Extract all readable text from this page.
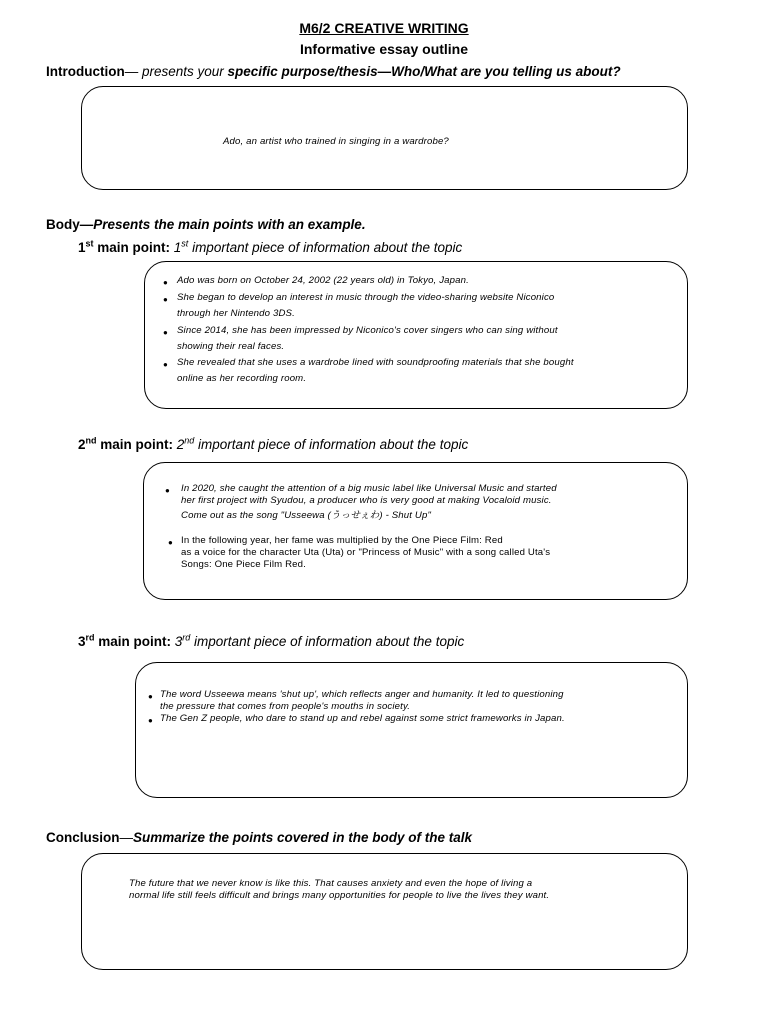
M6/2 CREATIVE WRITING
Informative essay outline
Introduction— presents your specific purpose/thesis—Who/What are you telling us about?
Ado, an artist who trained in singing in a wardrobe?
Body—Presents the main points with an example.
1st main point: 1st important piece of information about the topic
● Ado was born on October 24, 2002 (22 years old) in Tokyo, Japan.
● She began to develop an interest in music through the video-sharing website Niconico
through her Nintendo 3DS.
● Since 2014, she has been impressed by Niconico's cover singers who can sing without
showing their real faces.
● She revealed that she uses a wardrobe lined with soundproofing materials that she bought
online as her recording room.
2nd main point: 2nd important piece of information about the topic
● In 2020, she caught the attention of a big music label like Universal Music and started
her first project with Syudou, a producer who is very good at making Vocaloid music.
Come out as the song "Usseewa (うっせぇわ) - Shut Up"
● In the following year, her fame was multiplied by the One Piece Film: Red
as a voice for the character Uta (Uta) or "Princess of Music" with a song called Uta's
Songs: One Piece Film Red.
3rd main point: 3rd important piece of information about the topic
● The word Usseewa means 'shut up', which reflects anger and humanity. It led to questioning
the pressure that comes from people's mouths in society.
● The Gen Z people, who dare to stand up and rebel against some strict frameworks in Japan.
Conclusion—Summarize the points covered in the body of the talk
The future that we never know is like this. That causes anxiety and even the hope of living a
normal life still feels difficult and brings many opportunities for people to live the lives they want.
